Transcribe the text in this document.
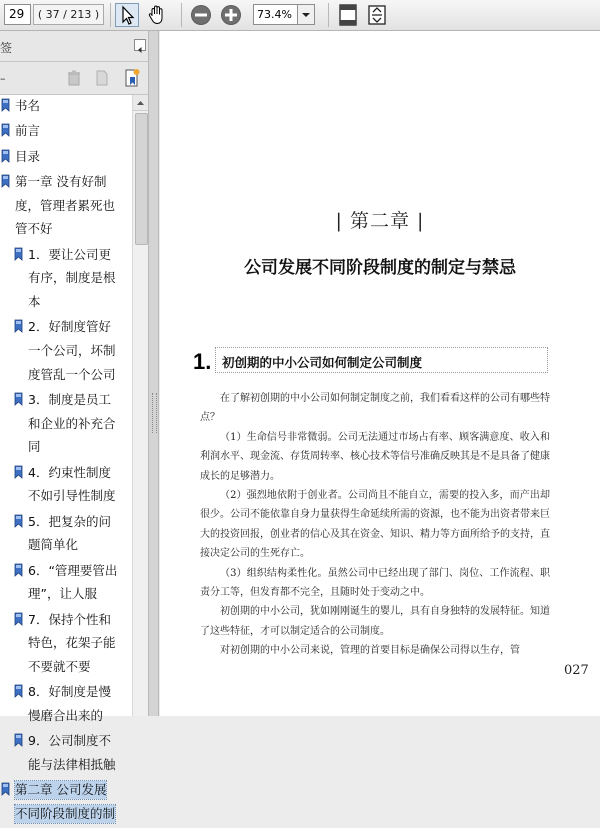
29	( 37 / 213 )	73.4%
签
–
书名
前言
目录
第一章 没有好制
度，管理者累死也
管不好
1．要让公司更
有序，制度是根
本
2．好制度管好
一个公司，坏制
度管乱一个公司
3．制度是员工
和企业的补充合
同
4．约束性制度
不如引导性制度
5．把复杂的问
题简单化
6．“管理要管出
理”，让人服
7．保持个性和
特色，花架子能
不要就不要
8．好制度是慢
慢磨合出来的
9．公司制度不
能与法律相抵触
第二章 公司发展
不同阶段制度的制
| 第二章 |
公司发展不同阶段制度的制定与禁忌
1. 初创期的中小公司如何制定公司制度

在了解初创期的中小公司如何制定制度之前，我们看看这样的公司有哪些特点？

（1）生命信号非常微弱。公司无法通过市场占有率、顾客满意度、收入和利润水平、现金流、存货周转率、核心技术等信号准确反映其是不是具备了健康成长的足够潜力。

（2）强烈地依附于创业者。公司尚且不能自立，需要的投入多，而产出却很少。公司不能依靠自身力量获得生命延续所需的资源，也不能为出资者带来巨大的投资回报，创业者的信心及其在资金、知识、精力等方面所给予的支持，直接决定公司的生死存亡。

（3）组织结构柔性化。虽然公司中已经出现了部门、岗位、工作流程、职责分工等，但发育都不完全，且随时处于变动之中。

初创期的中小公司，犹如刚刚诞生的婴儿，具有自身独特的发展特征。知道了这些特征，才可以制定适合的公司制度。

对初创期的中小公司来说，管理的首要目标是确保公司得以生存，管

027
